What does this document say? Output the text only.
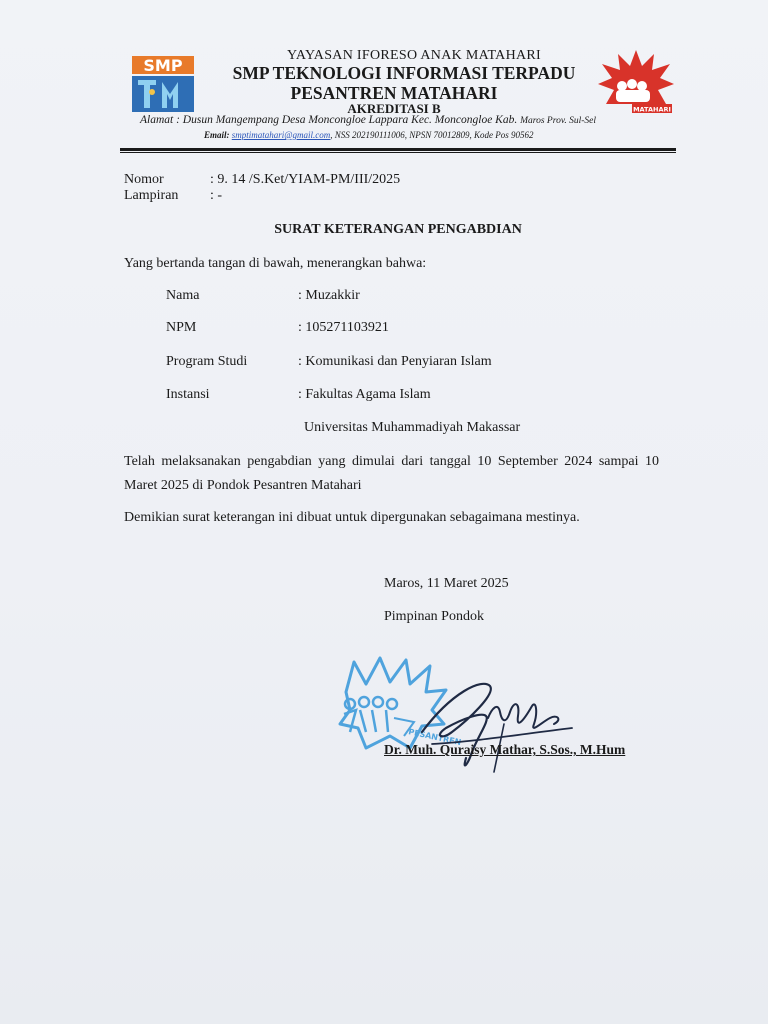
SMP
MATAHARI
YAYASAN IFORESO ANAK MATAHARI
SMP TEKNOLOGI INFORMASI TERPADU
PESANTREN MATAHARI
AKREDITASI B
Alamat : Dusun Mangempang Desa Moncongloe Lappara Kec. Moncongloe Kab. Maros Prov. Sul-Sel
Email: smptimatahari@gmail.com, NSS 202190111006, NPSN 70012809, Kode Pos 90562
Nomor	: 9. 14 /S.Ket/YIAM-PM/III/2025
Lampiran : -
SURAT KETERANGAN PENGABDIAN
Yang bertanda tangan di bawah, menerangkan bahwa:
Nama	: Muzakkir
NPM	: 105271103921
Program Studi	: Komunikasi dan Penyiaran Islam
Instansi	: Fakultas Agama Islam
Universitas Muhammadiyah Makassar
Telah melaksanakan pengabdian yang dimulai dari tanggal 10 September 2024 sampai 10
Maret 2025 di Pondok Pesantren Matahari
Demikian surat keterangan ini dibuat untuk dipergunakan sebagaimana mestinya.
Maros, 11 Maret 2025
Pimpinan Pondok
PESANTREN
Dr. Muh. Quraisy Mathar, S.Sos., M.Hum
